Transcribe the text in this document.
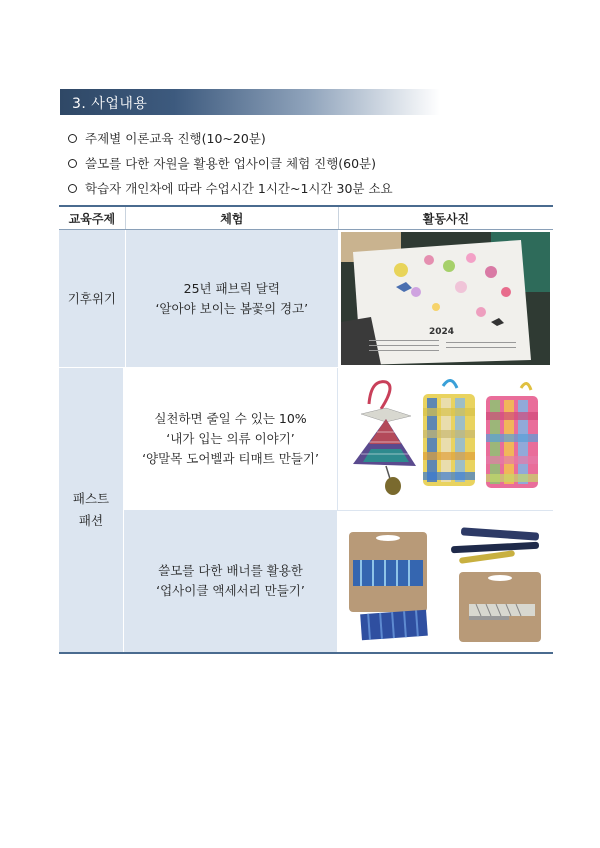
3. 사업내용
주제별 이론교육 진행(10~20분)
쓸모를 다한 자원을 활용한 업사이클 체험 진행(60분)
학습자 개인차에 따라 수업시간 1시간~1시간 30분 소요
교육주제	체험	활동사진
기후위기
25년 패브릭 달력
‘알아야 보이는 봄꽃의 경고’
2024
패스트
패션
실천하면 줄일 수 있는 10%
‘내가 입는 의류 이야기’
‘양말목 도어벨과 티매트 만들기’
쓸모를 다한 배너를 활용한
‘업사이클 액세서리 만들기’
